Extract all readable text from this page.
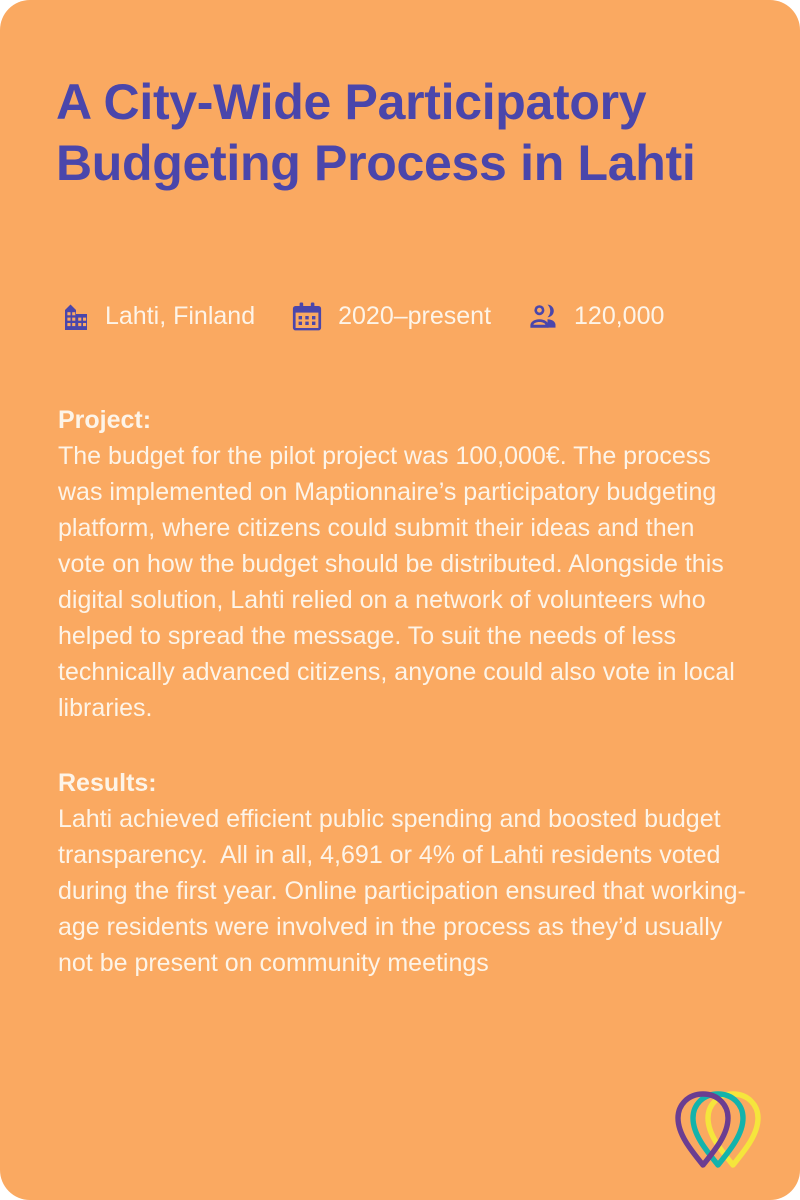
A City-Wide Participatory Budgeting Process in Lahti
Lahti, Finland	2020–present	120,000

Project:

The budget for the pilot project was 100,000€. The process was implemented on Maptionnaire’s participatory budgeting platform, where citizens could submit their ideas and then vote on how the budget should be distributed. Alongside this digital solution, Lahti relied on a network of volunteers who helped to spread the message. To suit the needs of less technically advanced citizens, anyone could also vote in local libraries.

Results:

Lahti achieved efficient public spending and boosted budget transparency.  All in all, 4,691 or 4% of Lahti residents voted during the first year. Online participation ensured that working-age residents were involved in the process as they’d usually not be present on community meetings
